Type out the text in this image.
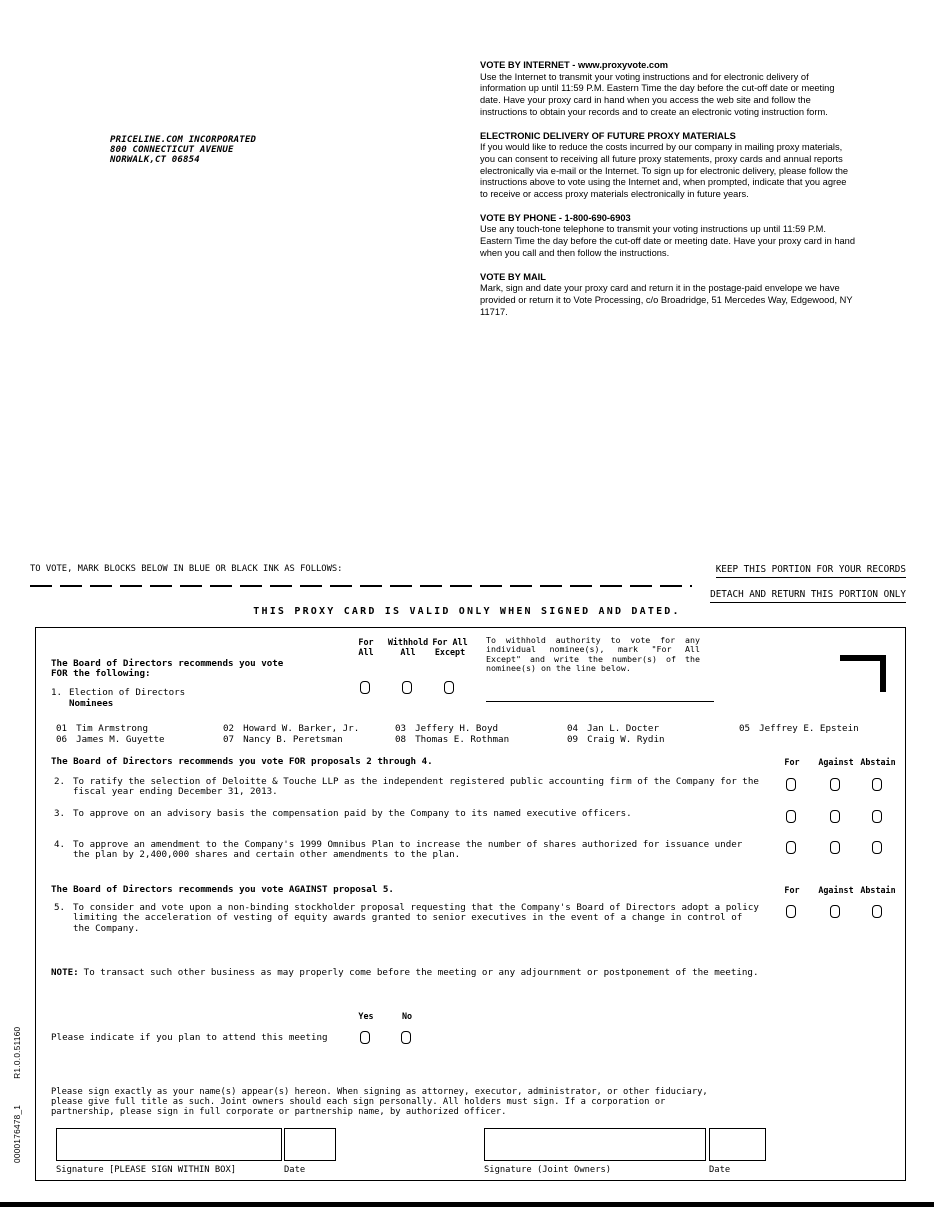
PRICELINE.COM INCORPORATED
800 CONNECTICUT AVENUE
NORWALK,CT 06854
VOTE BY INTERNET - www.proxyvote.com

Use the Internet to transmit your voting instructions and for electronic delivery of information up until 11:59 P.M. Eastern Time the day before the cut-off date or meeting date. Have your proxy card in hand when you access the web site and follow the instructions to obtain your records and to create an electronic voting instruction form.

ELECTRONIC DELIVERY OF FUTURE PROXY MATERIALS

If you would like to reduce the costs incurred by our company in mailing proxy materials, you can consent to receiving all future proxy statements, proxy cards and annual reports electronically via e-mail or the Internet. To sign up for electronic delivery, please follow the instructions above to vote using the Internet and, when prompted, indicate that you agree to receive or access proxy materials electronically in future years.

VOTE BY PHONE - 1-800-690-6903

Use any touch-tone telephone to transmit your voting instructions up until 11:59 P.M. Eastern Time the day before the cut-off date or meeting date. Have your proxy card in hand when you call and then follow the instructions.

VOTE BY MAIL

Mark, sign and date your proxy card and return it in the postage-paid envelope we have provided or return it to Vote Processing, c/o Broadridge, 51 Mercedes Way, Edgewood, NY 11717.

TO VOTE, MARK BLOCKS BELOW IN BLUE OR BLACK INK AS FOLLOWS:	KEEP THIS PORTION FOR YOUR RECORDS
DETACH AND RETURN THIS PORTION ONLY
THIS PROXY CARD IS VALID ONLY WHEN SIGNED AND DATED.
For
All
Withhold
All
For All
Except
To withhold authority to vote for any individual nominee(s), mark "For All Except" and write the number(s) of the nominee(s) on the line below.
The Board of Directors recommends you vote
FOR the following:
1. Election of Directors
Nominees
01 Tim Armstrong	02 Howard W. Barker, Jr.	03 Jeffery H. Boyd	04 Jan L. Docter	05 Jeffrey E. Epstein
06 James M. Guyette	07 Nancy B. Peretsman	08 Thomas E. Rothman	09 Craig W. Rydin
The Board of Directors recommends you vote FOR proposals 2 through 4.	For	Against Abstain
2. To ratify the selection of Deloitte & Touche LLP as the independent registered public accounting firm of the Company for the fiscal year ending December 31, 2013.
3. To approve on an advisory basis the compensation paid by the Company to its named executive officers.
4. To approve an amendment to the Company's 1999 Omnibus Plan to increase the number of shares authorized for issuance under the plan by 2,400,000 shares and certain other amendments to the plan.
The Board of Directors recommends you vote AGAINST proposal 5.	For	Against Abstain
5. To consider and vote upon a non-binding stockholder proposal requesting that the Company's Board of Directors adopt a policy limiting the acceleration of vesting of equity awards granted to senior executives in the event of a change in control of the Company.
NOTE: To transact such other business as may properly come before the meeting or any adjournment or postponement of the meeting.
Yes	No
Please indicate if you plan to attend this meeting
Please sign exactly as your name(s) appear(s) hereon. When signing as attorney, executor, administrator, or other fiduciary, please give full title as such. Joint owners should each sign personally. All holders must sign. If a corporation or partnership, please sign in full corporate or partnership name, by authorized officer.
Signature [PLEASE SIGN WITHIN BOX]	Date	Signature (Joint Owners)	Date
0000176478_1R1.0.0.51160
